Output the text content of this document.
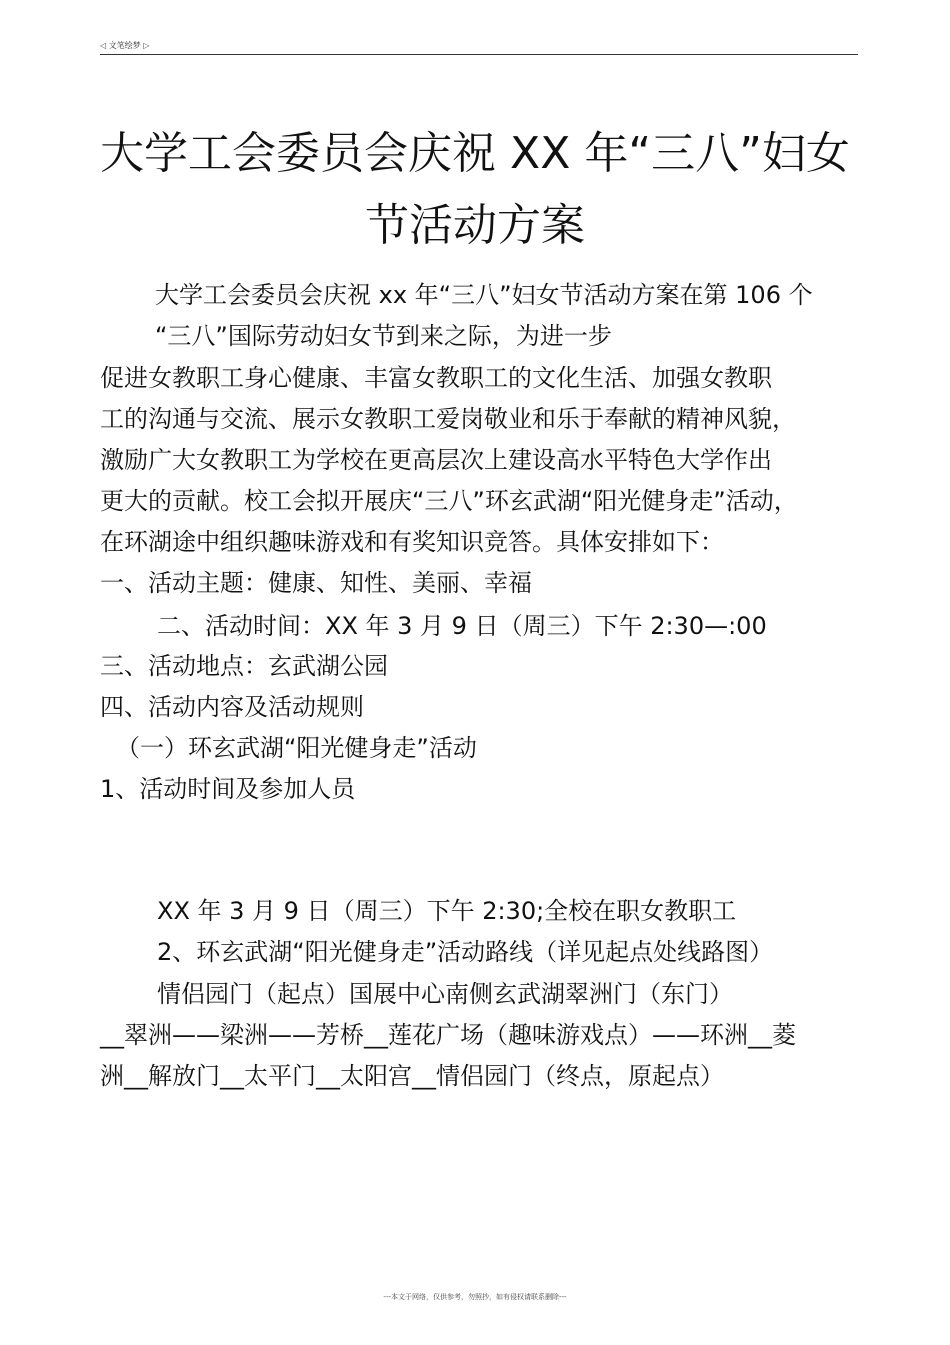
◁ 文笔绘梦 ▷
大学工会委员会庆祝 XX 年“三八”妇女
节活动方案
大学工会委员会庆祝 xx 年“三八”妇女节活动方案在第 106 个
“三八”国际劳动妇女节到来之际，为进一步
促进女教职工身心健康、丰富女教职工的文化生活、加强女教职
工的沟通与交流、展示女教职工爱岗敬业和乐于奉献的精神风貌，
激励广大女教职工为学校在更高层次上建设高水平特色大学作出
更大的贡献。校工会拟开展庆“三八”环玄武湖“阳光健身走”活动，
在环湖途中组织趣味游戏和有奖知识竞答。具体安排如下：
一、活动主题：健康、知性、美丽、幸福
二、活动时间：XX 年 3 月 9 日（周三）下午 2:30—:00
三、活动地点：玄武湖公园
四、活动内容及活动规则
（一）环玄武湖“阳光健身走”活动
1、活动时间及参加人员
XX 年 3 月 9 日（周三）下午 2:30;全校在职女教职工
2、环玄武湖“阳光健身走”活动路线（详见起点处线路图）
情侣园门（起点）国展中心南侧玄武湖翠洲门（东门）
__翠洲——梁洲——芳桥__莲花广场（趣味游戏点）——环洲__菱
洲__解放门__太平门__太阳宫__情侣园门（终点，原起点）
---本文于网络，仅供参考，勿照抄，如有侵权请联系删除---
